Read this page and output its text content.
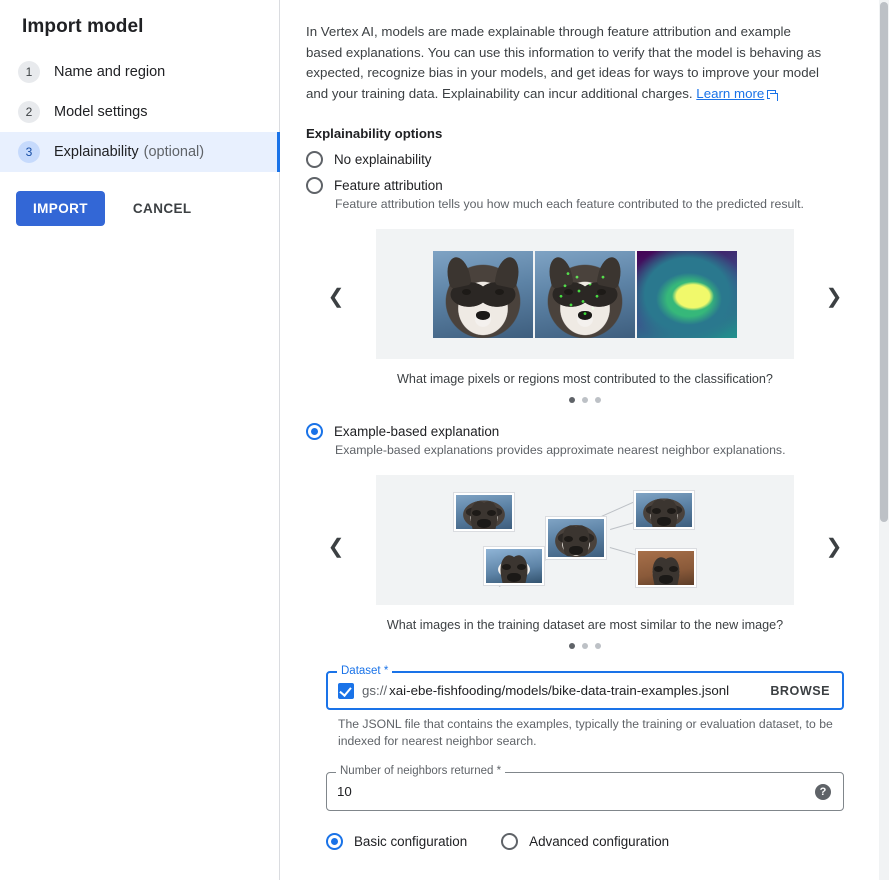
Import model
1	Name and region
2	Model settings
3	Explainability (optional)
IMPORT	CANCEL

In Vertex AI, models are made explainable through feature attribution and example based explanations. You can use this information to verify that the model is behaving as expected, recognize bias in your models, and get ideas for ways to improve your model and your training data. Explainability can incur additional charges. Learn more

Explainability options
No explainability
Feature attribution
Feature attribution tells you how much each feature contributed to the predicted result.
❮	❯
What image pixels or regions most contributed to the classification?
Example-based explanation
Example-based explanations provides approximate nearest neighbor explanations.
❮	❯
What images in the training dataset are most similar to the new image?
Dataset *
gs:// xai-ebe-fishfooding/models/bike-data-train-examples.jsonl	BROWSE
The JSONL file that contains the examples, typically the training or evaluation dataset, to be indexed for nearest neighbor search.
Number of neighbors returned *
10	?
Basic configuration	Advanced configuration
